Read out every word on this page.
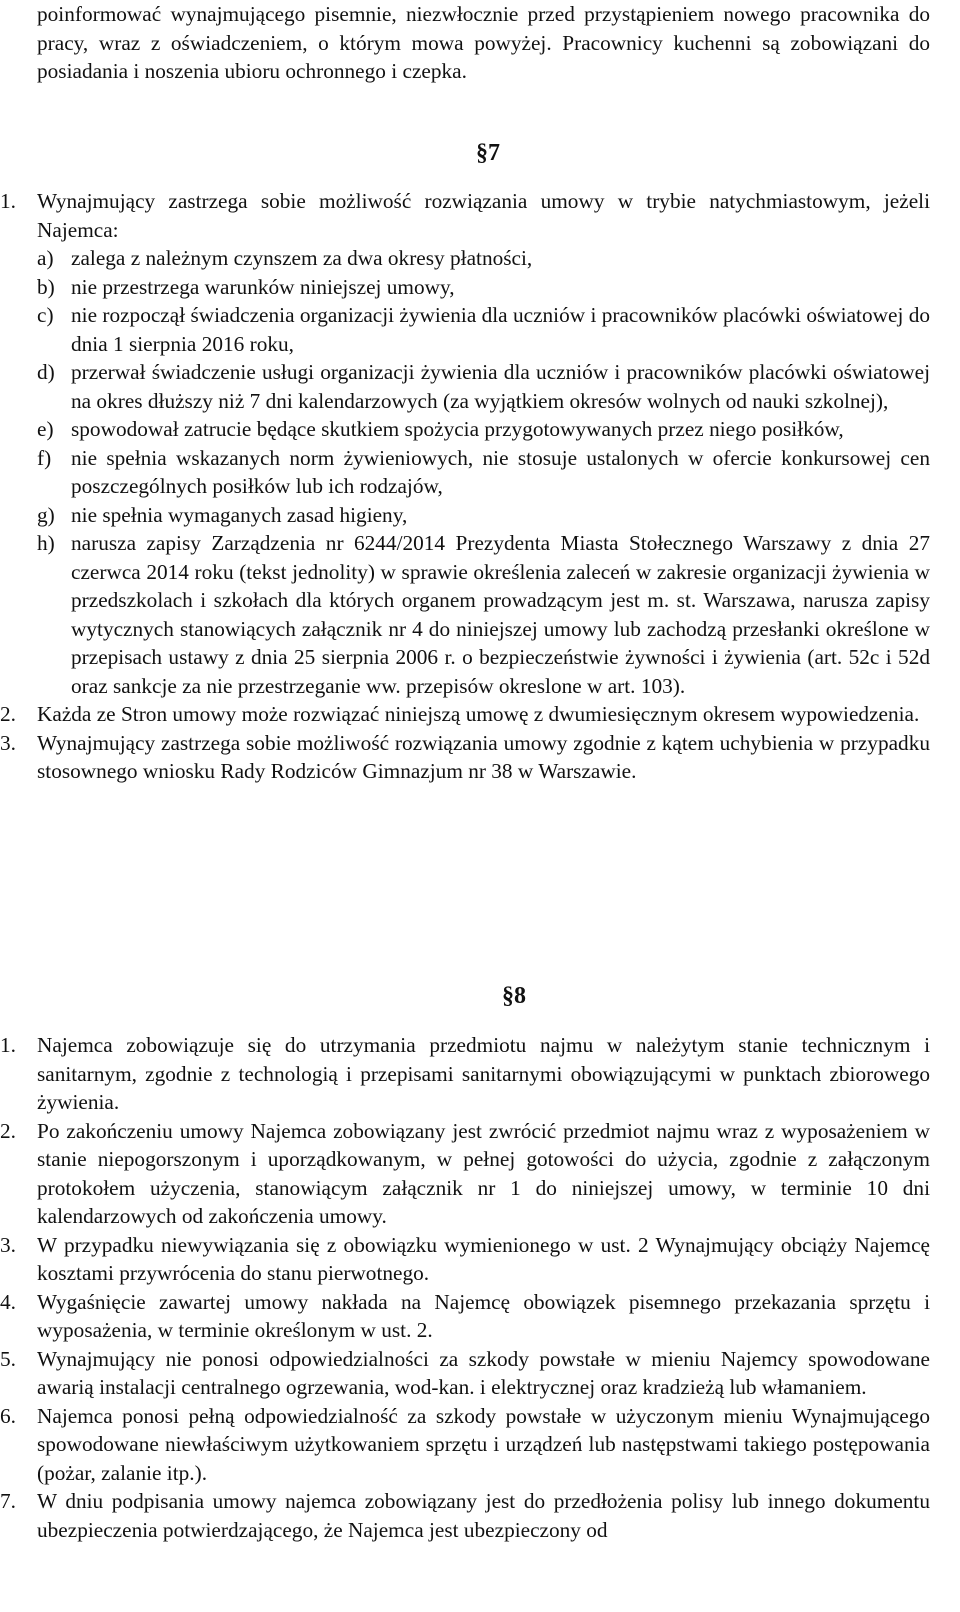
poinformować wynajmującego pisemnie, niezwłocznie przed przystąpieniem nowego pracownika do pracy, wraz z oświadczeniem, o którym mowa powyżej. Pracownicy kuchenni są zobowiązani do posiadania i noszenia ubioru ochronnego i czepka.

§7
1. Wynajmujący zastrzega sobie możliwość rozwiązania umowy w trybie natychmiastowym, jeżeli Najemca:

a) zalega z należnym czynszem za dwa okresy płatności,
b) nie przestrzega warunków niniejszej umowy,
c) nie rozpoczął świadczenia organizacji żywienia dla uczniów i pracowników placówki oświatowej do dnia 1 sierpnia 2016 roku,
d) przerwał świadczenie usługi organizacji żywienia dla uczniów i pracowników placówki oświatowej na okres dłuższy niż 7 dni kalendarzowych (za wyjątkiem okresów wolnych od nauki szkolnej),
e) spowodował zatrucie będące skutkiem spożycia przygotowywanych przez niego posiłków,
f) nie spełnia wskazanych norm żywieniowych, nie stosuje ustalonych w ofercie konkursowej cen poszczególnych posiłków lub ich rodzajów,
g) nie spełnia wymaganych zasad higieny,
h) narusza zapisy Zarządzenia nr 6244/2014 Prezydenta Miasta Stołecznego Warszawy z dnia 27 czerwca 2014 roku (tekst jednolity) w sprawie określenia zaleceń w zakresie organizacji żywienia w przedszkolach i szkołach dla których organem prowadzącym jest m. st. Warszawa, narusza zapisy wytycznych stanowiących załącznik nr 4 do niniejszej umowy lub zachodzą przesłanki określone w przepisach ustawy z dnia 25 sierpnia 2006 r. o bezpieczeństwie żywności i żywienia (art. 52c i 52d oraz sankcje za nie przestrzeganie ww. przepisów okreslone w art. 103).
2. Każda ze Stron umowy może rozwiązać niniejszą umowę z dwumiesięcznym okresem wypowiedzenia.
3. Wynajmujący zastrzega sobie możliwość rozwiązania umowy zgodnie z kątem uchybienia w przypadku stosownego wniosku Rady Rodziców Gimnazjum nr 38 w Warszawie.
§8
1. Najemca zobowiązuje się do utrzymania przedmiotu najmu w należytym stanie technicznym i sanitarnym, zgodnie z technologią i przepisami sanitarnymi obowiązującymi w punktach zbiorowego żywienia.
2. Po zakończeniu umowy Najemca zobowiązany jest zwrócić przedmiot najmu wraz z wyposażeniem w stanie niepogorszonym i uporządkowanym, w pełnej gotowości do użycia, zgodnie z załączonym protokołem użyczenia, stanowiącym załącznik nr 1 do niniejszej umowy, w terminie 10 dni kalendarzowych od zakończenia umowy.
3. W przypadku niewywiązania się z obowiązku wymienionego w ust. 2 Wynajmujący obciąży Najemcę kosztami przywrócenia do stanu pierwotnego.
4. Wygaśnięcie zawartej umowy nakłada na Najemcę obowiązek pisemnego przekazania sprzętu i wyposażenia, w terminie określonym w ust. 2.
5. Wynajmujący nie ponosi odpowiedzialności za szkody powstałe w mieniu Najemcy spowodowane awarią instalacji centralnego ogrzewania, wod-kan. i elektrycznej oraz kradzieżą lub włamaniem.
6. Najemca ponosi pełną odpowiedzialność za szkody powstałe w użyczonym mieniu Wynajmującego spowodowane niewłaściwym użytkowaniem sprzętu i urządzeń lub następstwami takiego postępowania (pożar, zalanie itp.).
7. W dniu podpisania umowy najemca zobowiązany jest do przedłożenia polisy lub innego dokumentu ubezpieczenia potwierdzającego, że Najemca jest ubezpieczony od
